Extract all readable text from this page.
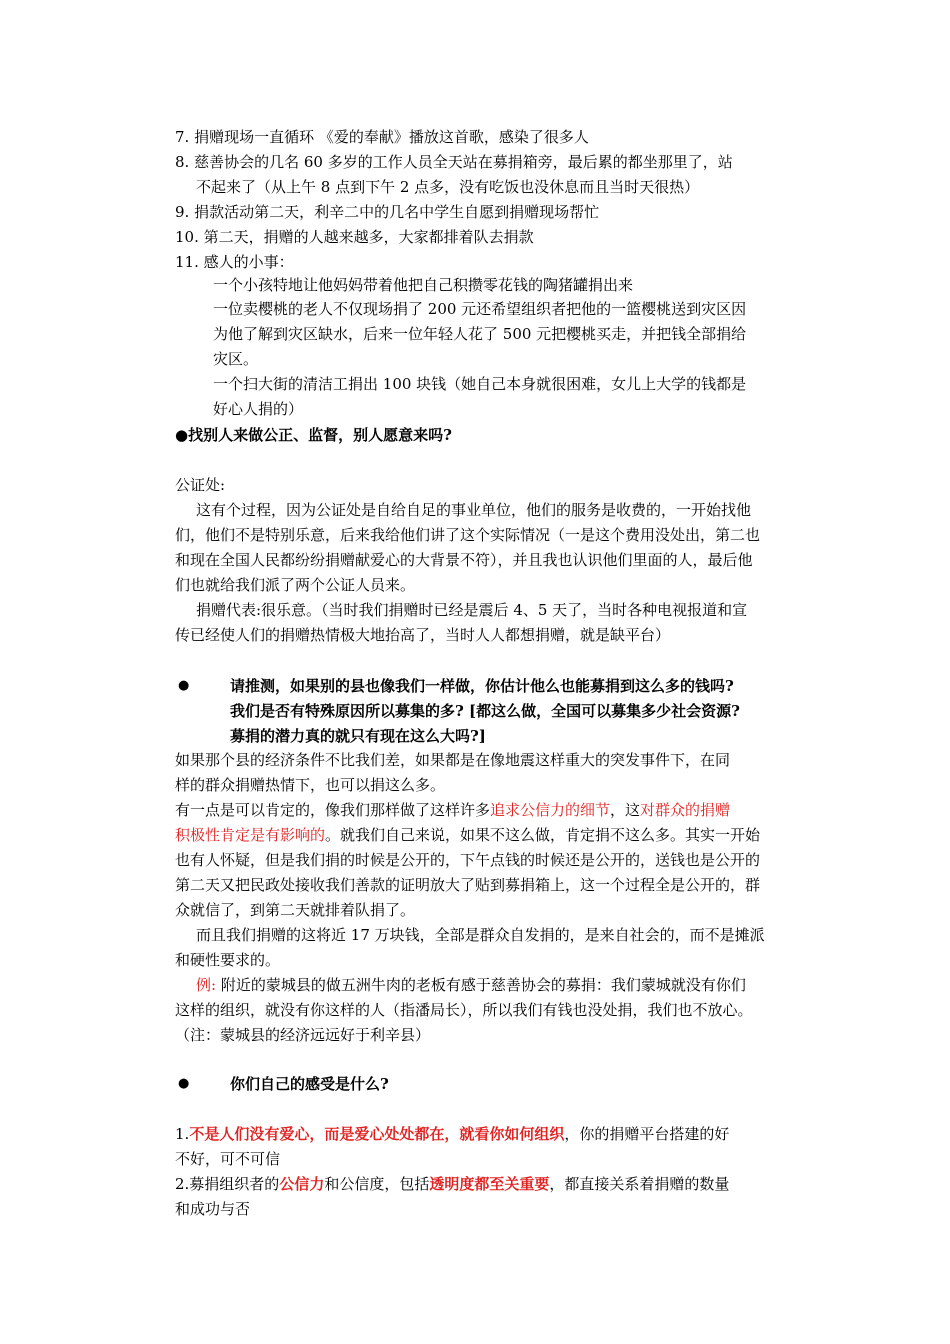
7. 捐赠现场一直循环 《爱的奉献》播放这首歌，感染了很多人
8. 慈善协会的几名 60 多岁的工作人员全天站在募捐箱旁，最后累的都坐那里了，站
不起来了（从上午 8 点到下午 2 点多，没有吃饭也没休息而且当时天很热）
9. 捐款活动第二天，利辛二中的几名中学生自愿到捐赠现场帮忙
10. 第二天，捐赠的人越来越多，大家都排着队去捐款
11. 感人的小事：
一个小孩特地让他妈妈带着他把自己积攒零花钱的陶猪罐捐出来
一位卖樱桃的老人不仅现场捐了 200 元还希望组织者把他的一篮樱桃送到灾区因
为他了解到灾区缺水，后来一位年轻人花了 500 元把樱桃买走，并把钱全部捐给
灾区。
一个扫大街的清洁工捐出 100 块钱（她自己本身就很困难，女儿上大学的钱都是
好心人捐的）
●找别人来做公正、监督，别人愿意来吗?
公证处:
这有个过程，因为公证处是自给自足的事业单位，他们的服务是收费的，一开始找他
们，他们不是特别乐意，后来我给他们讲了这个实际情况（一是这个费用没处出，第二也
和现在全国人民都纷纷捐赠献爱心的大背景不符），并且我也认识他们里面的人，最后他
们也就给我们派了两个公证人员来。
捐赠代表:很乐意。（当时我们捐赠时已经是震后 4、5 天了，当时各种电视报道和宣
传已经使人们的捐赠热情极大地抬高了，当时人人都想捐赠，就是缺平台）
●	请推测，如果别的县也像我们一样做，你估计他么也能募捐到这么多的钱吗?
我们是否有特殊原因所以募集的多? [都这么做，全国可以募集多少社会资源?
募捐的潜力真的就只有现在这么大吗?]
如果那个县的经济条件不比我们差，如果都是在像地震这样重大的突发事件下，在同
样的群众捐赠热情下，也可以捐这么多。
有一点是可以肯定的，像我们那样做了这样许多追求公信力的细节，这对群众的捐赠
积极性肯定是有影响的。就我们自己来说，如果不这么做，肯定捐不这么多。其实一开始
也有人怀疑，但是我们捐的时候是公开的，下午点钱的时候还是公开的，送钱也是公开的
第二天又把民政处接收我们善款的证明放大了贴到募捐箱上，这一个过程全是公开的，群
众就信了，到第二天就排着队捐了。
而且我们捐赠的这将近 17 万块钱，全部是群众自发捐的，是来自社会的，而不是摊派
和硬性要求的。
例: 附近的蒙城县的做五洲牛肉的老板有感于慈善协会的募捐：我们蒙城就没有你们
这样的组织，就没有你这样的人（指潘局长），所以我们有钱也没处捐，我们也不放心。
（注：蒙城县的经济远远好于利辛县）
●	你们自己的感受是什么?
1.不是人们没有爱心，而是爱心处处都在，就看你如何组织，你的捐赠平台搭建的好
不好，可不可信
2.募捐组织者的公信力和公信度，包括透明度都至关重要，都直接关系着捐赠的数量
和成功与否
